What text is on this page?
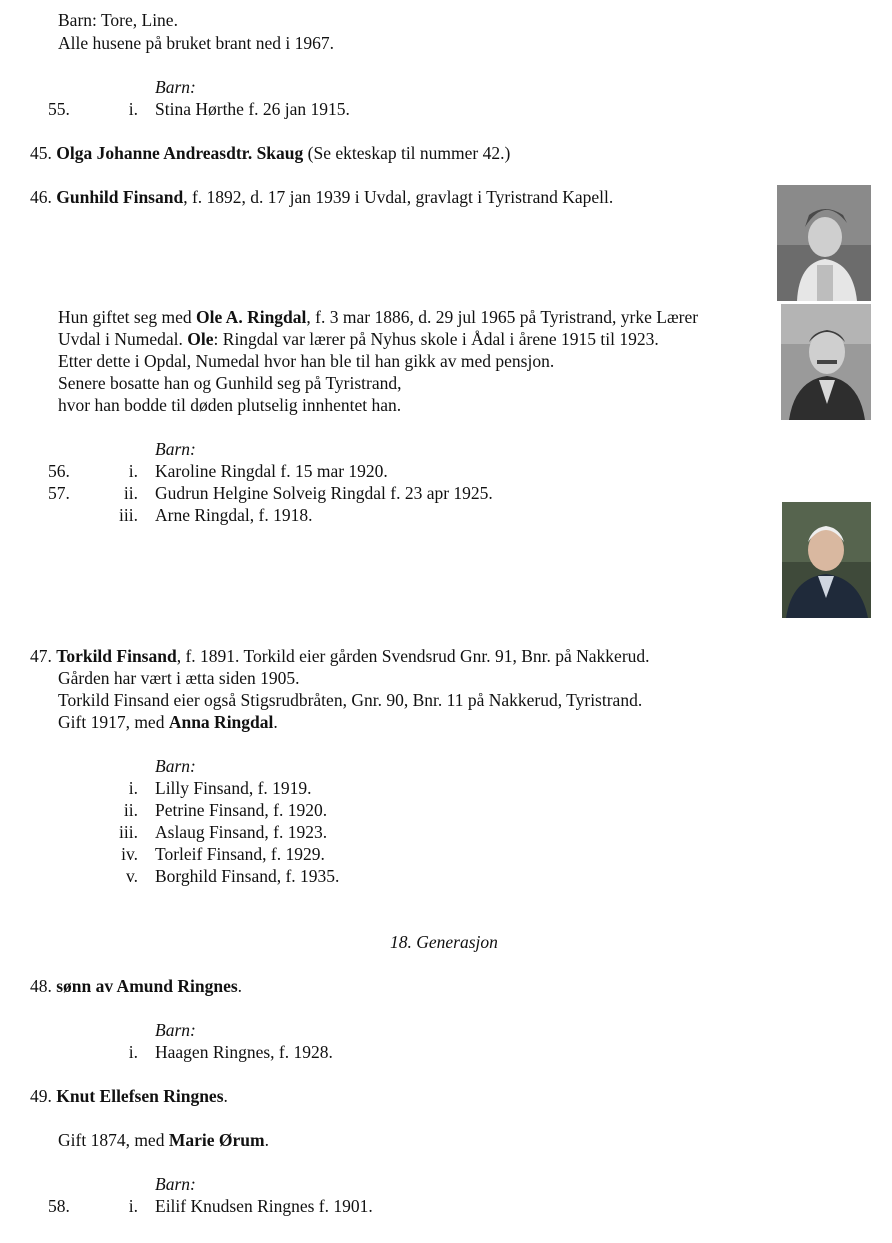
Barn: Tore, Line.
Alle husene på bruket brant ned i 1967.
Barn:
55.	i. Stina Hørthe f. 26 jan 1915.
45. Olga Johanne Andreasdtr. Skaug (Se ekteskap til nummer 42.)
46. Gunhild Finsand, f. 1892, d. 17 jan 1939 i Uvdal, gravlagt i Tyristrand Kapell.
Hun giftet seg med Ole A. Ringdal, f. 3 mar 1886, d. 29 jul 1965 på Tyristrand, yrke Lærer
Uvdal i Numedal. Ole: Ringdal var lærer på Nyhus skole i Ådal i årene 1915 til 1923.
Etter dette i Opdal, Numedal hvor han ble til han gikk av med pensjon.
Senere bosatte han og Gunhild seg på Tyristrand,
hvor han bodde til døden plutselig innhentet han.
Barn:
56.	i. Karoline Ringdal f. 15 mar 1920.
57.	ii. Gudrun Helgine Solveig Ringdal f. 23 apr 1925.
iii. Arne Ringdal, f. 1918.
47. Torkild Finsand, f. 1891. Torkild eier gården Svendsrud Gnr. 91, Bnr. på Nakkerud.
Gården har vært i ætta siden 1905.
Torkild Finsand eier også Stigsrudbråten, Gnr. 90, Bnr. 11 på Nakkerud, Tyristrand.
Gift 1917, med Anna Ringdal.
Barn:
i. Lilly Finsand, f. 1919.
ii. Petrine Finsand, f. 1920.
iii. Aslaug Finsand, f. 1923.
iv. Torleif Finsand, f. 1929.
v. Borghild Finsand, f. 1935.
18. Generasjon
48. sønn av Amund Ringnes.
Barn:
i. Haagen Ringnes, f. 1928.
49. Knut Ellefsen Ringnes.
Gift 1874, med Marie Ørum.
Barn:
58.	i. Eilif Knudsen Ringnes f. 1901.
